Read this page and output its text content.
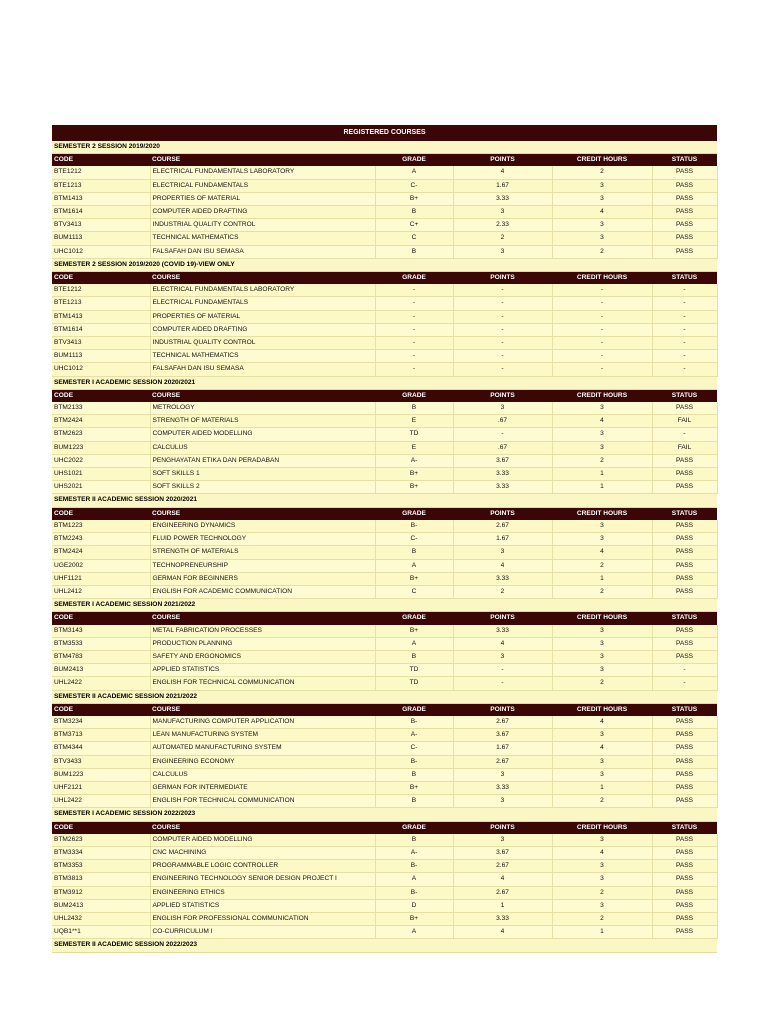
REGISTERED COURSES					
SEMESTER 2 SESSION 2019/2020					
CODE	COURSE	GRADE	POINTS	CREDIT HOURS	STATUS
BTE1212	ELECTRICAL FUNDAMENTALS LABORATORY	A	4	2	PASS
BTE1213	ELECTRICAL FUNDAMENTALS	C-	1.67	3	PASS
BTM1413	PROPERTIES OF MATERIAL	B+	3.33	3	PASS
BTM1614	COMPUTER AIDED DRAFTING	B	3	4	PASS
BTV3413	INDUSTRIAL QUALITY CONTROL	C+	2.33	3	PASS
BUM1113	TECHNICAL MATHEMATICS	C	2	3	PASS
UHC1012	FALSAFAH DAN ISU SEMASA	B	3	2	PASS
SEMESTER 2 SESSION 2019/2020 (COVID 19)-VIEW ONLY					
CODE	COURSE	GRADE	POINTS	CREDIT HOURS	STATUS
BTE1212	ELECTRICAL FUNDAMENTALS LABORATORY	-	-	-	-
BTE1213	ELECTRICAL FUNDAMENTALS	-	-	-	-
BTM1413	PROPERTIES OF MATERIAL	-	-	-	-
BTM1614	COMPUTER AIDED DRAFTING	-	-	-	-
BTV3413	INDUSTRIAL QUALITY CONTROL	-	-	-	-
BUM1113	TECHNICAL MATHEMATICS	-	-	-	-
UHC1012	FALSAFAH DAN ISU SEMASA	-	-	-	-
SEMESTER I ACADEMIC SESSION 2020/2021					
CODE	COURSE	GRADE	POINTS	CREDIT HOURS	STATUS
BTM2133	METROLOGY	B	3	3	PASS
BTM2424	STRENGTH OF MATERIALS	E	.67	4	FAIL
BTM2623	COMPUTER AIDED MODELLING	TD	-	3	-
BUM1223	CALCULUS	E	.67	3	FAIL
UHC2022	PENGHAYATAN ETIKA DAN PERADABAN	A-	3.67	2	PASS
UHS1021	SOFT SKILLS 1	B+	3.33	1	PASS
UHS2021	SOFT SKILLS 2	B+	3.33	1	PASS
SEMESTER II ACADEMIC SESSION 2020/2021					
CODE	COURSE	GRADE	POINTS	CREDIT HOURS	STATUS
BTM1223	ENGINEERING DYNAMICS	B-	2.67	3	PASS
BTM2243	FLUID POWER TECHNOLOGY	C-	1.67	3	PASS
BTM2424	STRENGTH OF MATERIALS	B	3	4	PASS
UGE2002	TECHNOPRENEURSHIP	A	4	2	PASS
UHF1121	GERMAN FOR BEGINNERS	B+	3.33	1	PASS
UHL2412	ENGLISH FOR ACADEMIC COMMUNICATION	C	2	2	PASS
SEMESTER I ACADEMIC SESSION 2021/2022					
CODE	COURSE	GRADE	POINTS	CREDIT HOURS	STATUS
BTM3143	METAL FABRICATION PROCESSES	B+	3.33	3	PASS
BTM3533	PRODUCTION PLANNING	A	4	3	PASS
BTM4783	SAFETY AND ERGONOMICS	B	3	3	PASS
BUM2413	APPLIED STATISTICS	TD	-	3	-
UHL2422	ENGLISH FOR TECHNICAL COMMUNICATION	TD	-	2	-
SEMESTER II ACADEMIC SESSION 2021/2022					
CODE	COURSE	GRADE	POINTS	CREDIT HOURS	STATUS
BTM3234	MANUFACTURING COMPUTER APPLICATION	B-	2.67	4	PASS
BTM3713	LEAN MANUFACTURING SYSTEM	A-	3.67	3	PASS
BTM4344	AUTOMATED MANUFACTURING SYSTEM	C-	1.67	4	PASS
BTV3433	ENGINEERING ECONOMY	B-	2.67	3	PASS
BUM1223	CALCULUS	B	3	3	PASS
UHF2121	GERMAN FOR INTERMEDIATE	B+	3.33	1	PASS
UHL2422	ENGLISH FOR TECHNICAL COMMUNICATION	B	3	2	PASS
SEMESTER I ACADEMIC SESSION 2022/2023					
CODE	COURSE	GRADE	POINTS	CREDIT HOURS	STATUS
BTM2623	COMPUTER AIDED MODELLING	B	3	3	PASS
BTM3334	CNC MACHINING	A-	3.67	4	PASS
BTM3353	PROGRAMMABLE LOGIC CONTROLLER	B-	2.67	3	PASS
BTM3813	ENGINEERING TECHNOLOGY SENIOR DESIGN PROJECT I	A	4	3	PASS
BTM3912	ENGINEERING ETHICS	B-	2.67	2	PASS
BUM2413	APPLIED STATISTICS	D	1	3	PASS
UHL2432	ENGLISH FOR PROFESSIONAL COMMUNICATION	B+	3.33	2	PASS
UQB1**1	CO-CURRICULUM I	A	4	1	PASS
SEMESTER II ACADEMIC SESSION 2022/2023					
